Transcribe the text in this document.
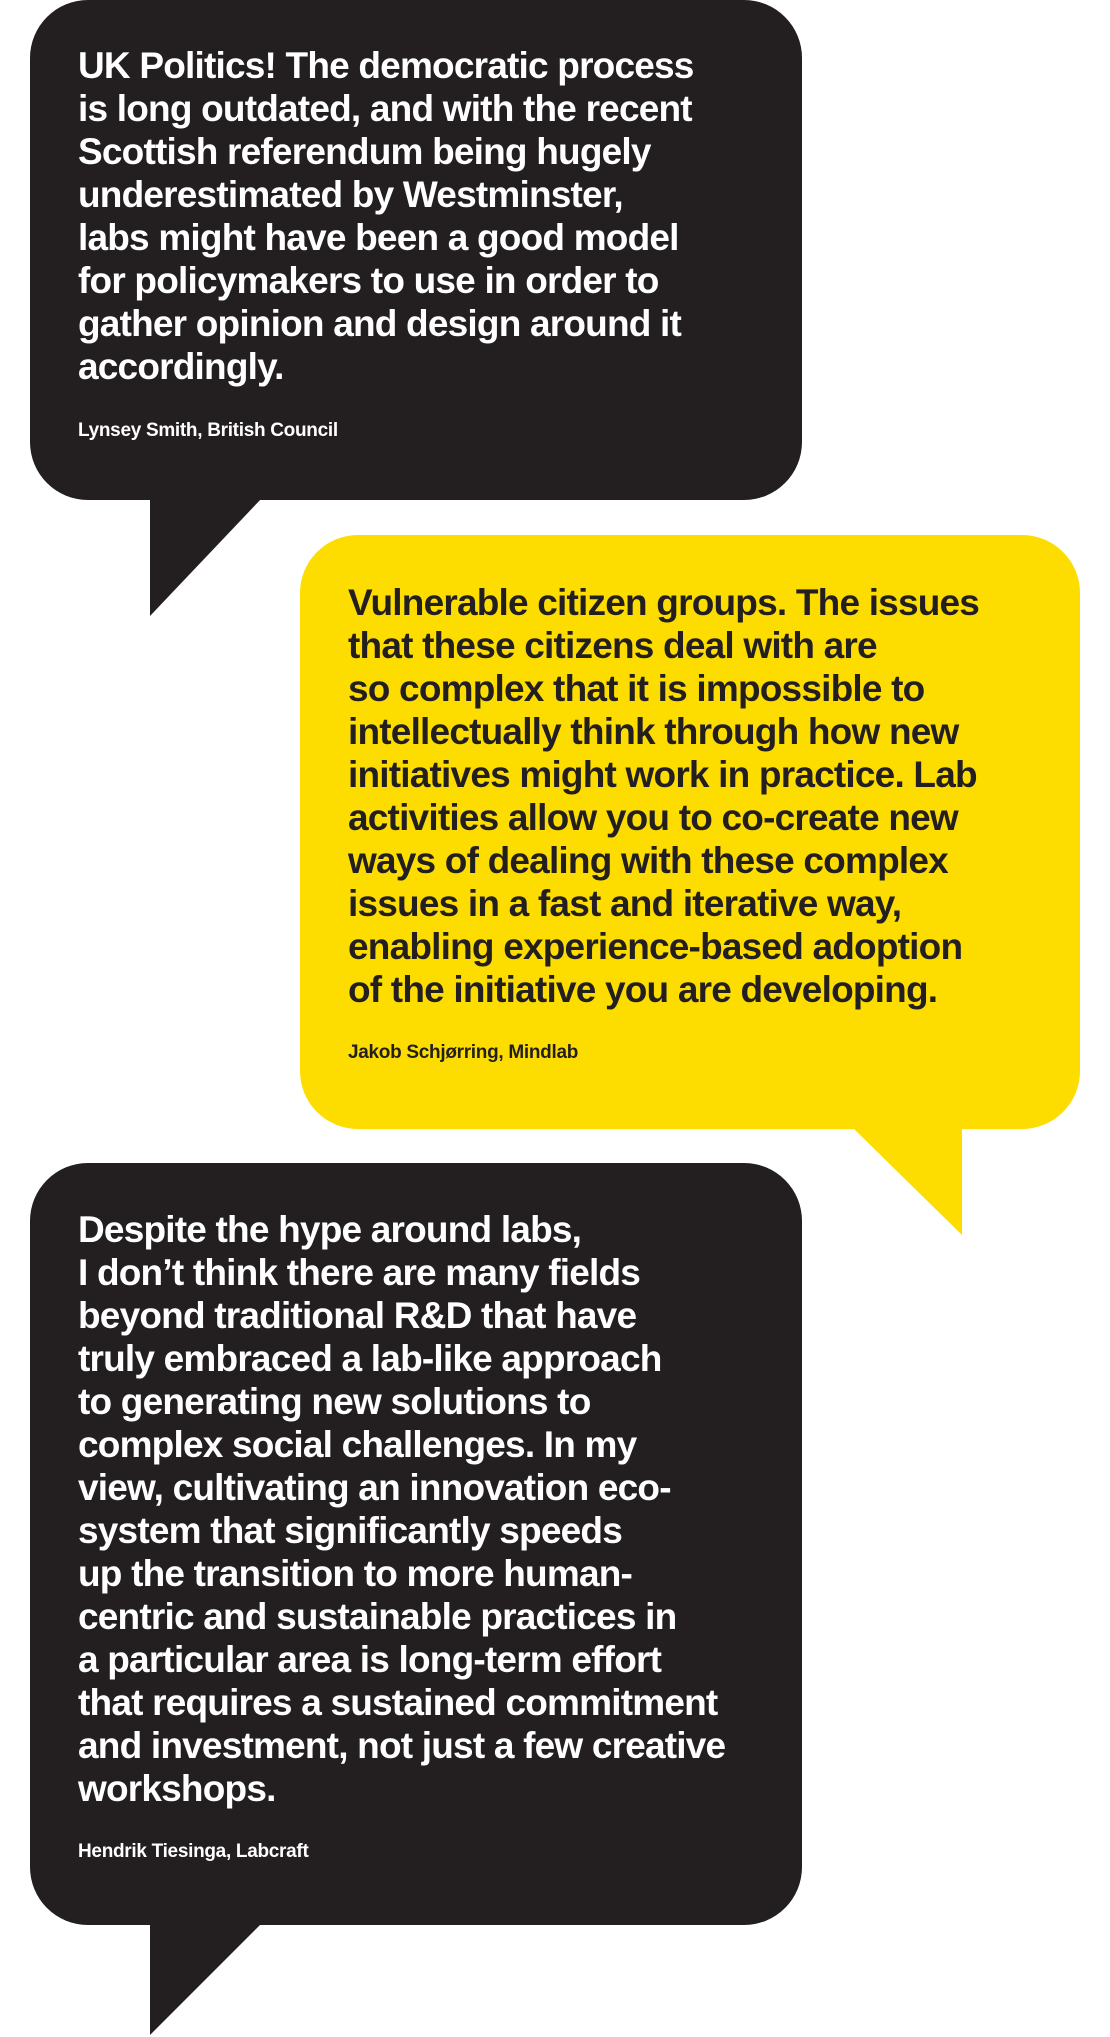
UK Politics! The democratic process
is long outdated, and with the recent
Scottish referendum being hugely
underestimated by Westminster,
labs might have been a good model
for policymakers to use in order to
gather opinion and design around it
accordingly.

Lynsey Smith, British Council

Vulnerable citizen groups. The issues
that these citizens deal with are
so complex that it is impossible to
intellectually think through how new
initiatives might work in practice. Lab
activities allow you to co-create new
ways of dealing with these complex
issues in a fast and iterative way,
enabling experience-based adoption
of the initiative you are developing.

Jakob Schjørring, Mindlab

Despite the hype around labs,
I don’t think there are many fields
beyond traditional R&D that have
truly embraced a lab-like approach
to generating new solutions to
complex social challenges. In my
view, cultivating an innovation eco-
system that significantly speeds
up the transition to more human-
centric and sustainable practices in
a particular area is long-term effort
that requires a sustained commitment
and investment, not just a few creative
workshops.

Hendrik Tiesinga, Labcraft
